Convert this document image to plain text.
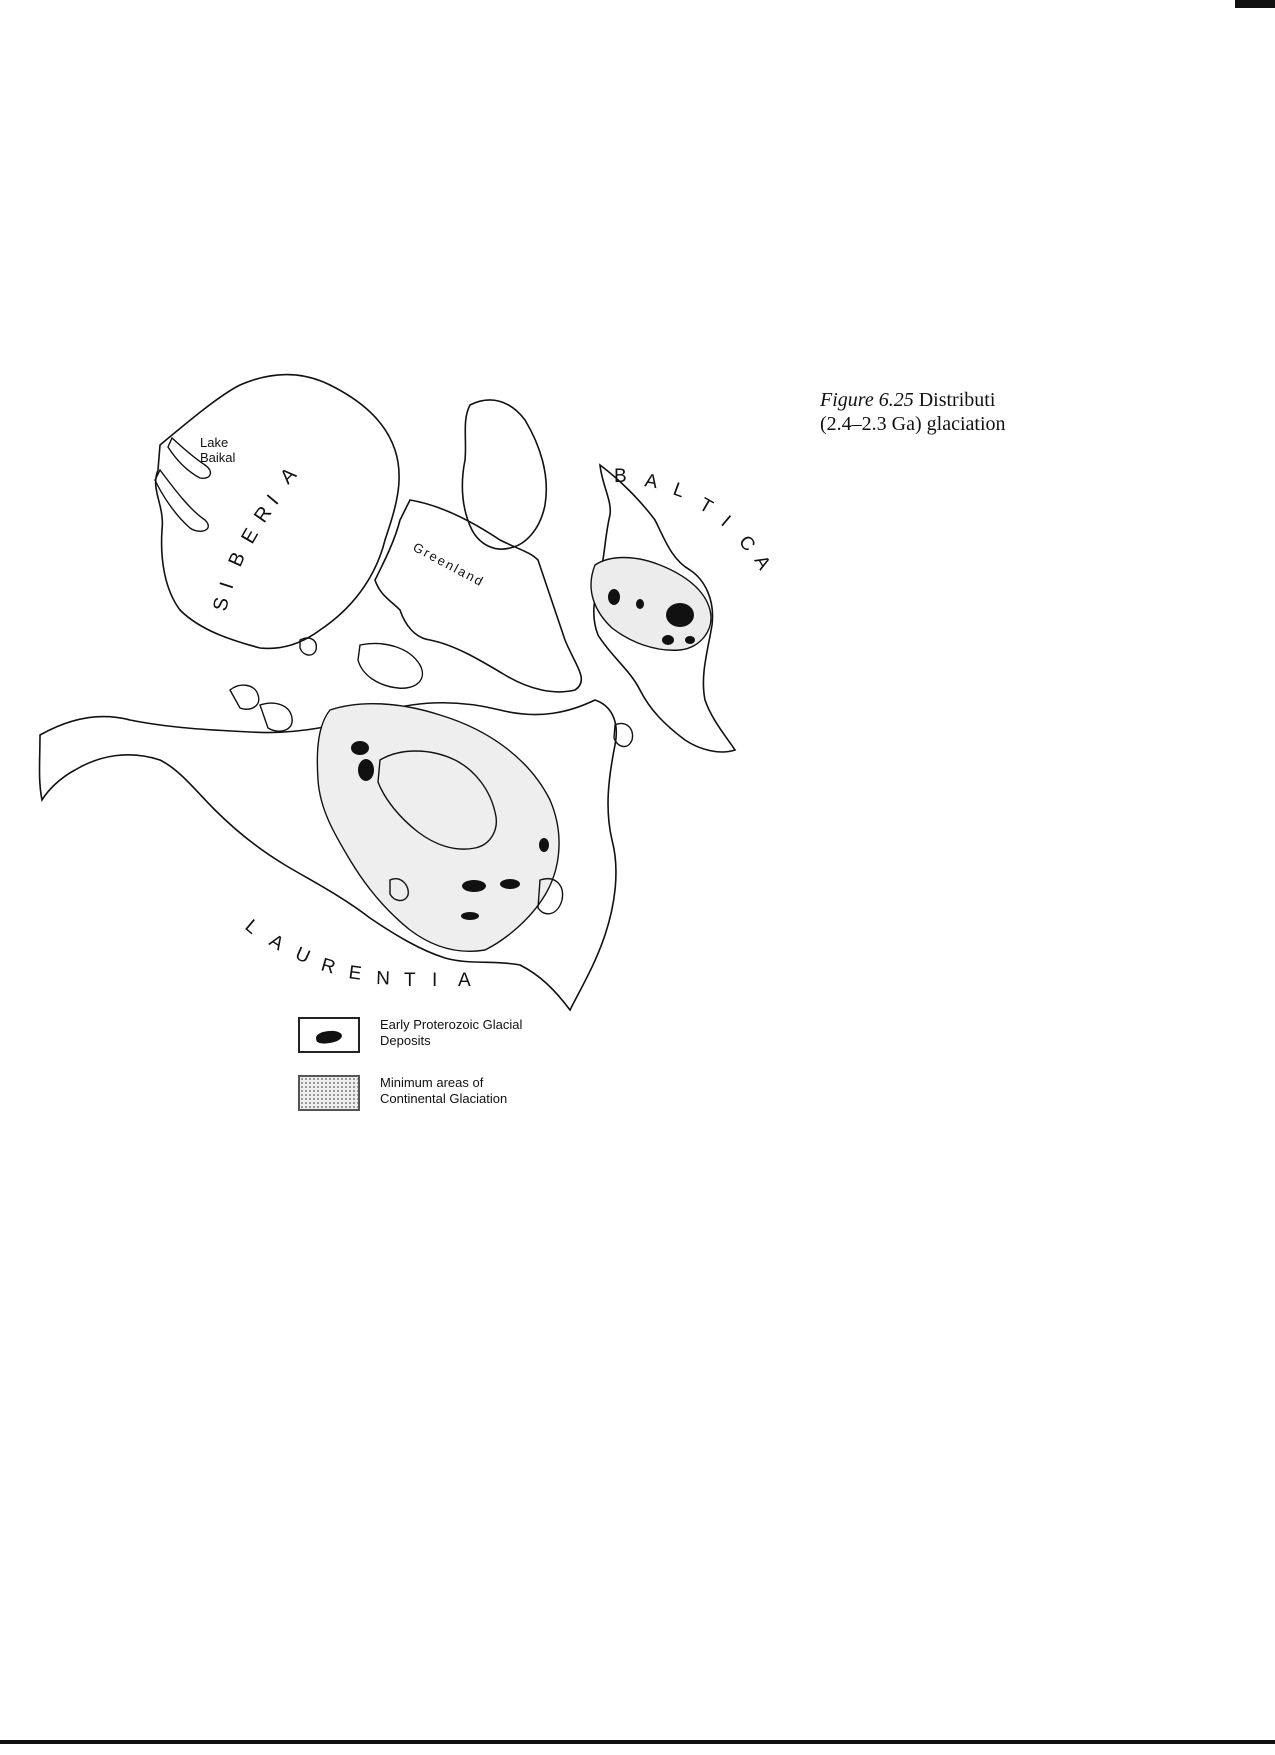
Lake
Baikal
S
I
B
E
R
I
A
Greenland
B A L
T
I
C
A
L
A
U R E N T I A
Early Proterozoic Glacial
Deposits
Minimum areas of
Continental Glaciation
Figure 6.25 Distributi
(2.4–2.3 Ga) glaciation
